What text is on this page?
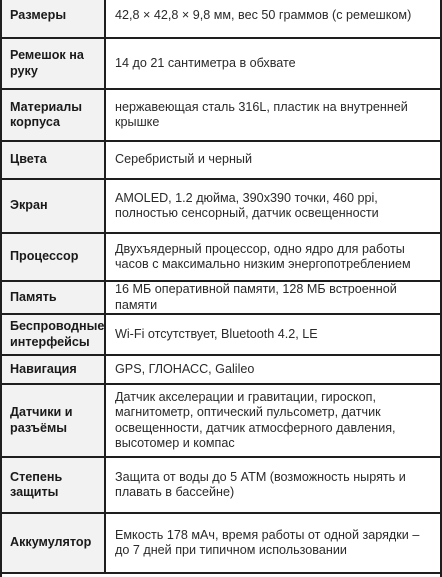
Размеры	42,8 × 42,8 × 9,8 мм, вес 50 граммов (с ремешком)
Ремешок на руку	14 до 21 сантиметра в обхвате
Материалы корпуса	нержавеющая сталь 316L, пластик на внутренней крышке
Цвета	Серебристый и черный
Экран	AMOLED, 1.2 дюйма, 390x390 точки, 460 ppi, полностью сенсорный, датчик освещенности
Процессор	Двухъядерный процессор, одно ядро для работы часов с максимально низким энергопотреблением
Память	16 МБ оперативной памяти, 128 МБ встроенной памяти
Беспроводные интерфейсы	Wi-Fi отсутствует, Bluetooth 4.2, LE
Навигация	GPS, ГЛОНАСС, Galileo
Датчики и разъёмы	Датчик акселерации и гравитации, гироскоп, магнитометр, оптический пульсометр, датчик освещенности, датчик атмосферного давления, высотомер и компас
Степень защиты	Защита от воды до 5 ATM (возможность нырять и плавать в бассейне)
Аккумулятор	Емкость 178 мАч, время работы от одной зарядки – до 7 дней при типичном использовании
